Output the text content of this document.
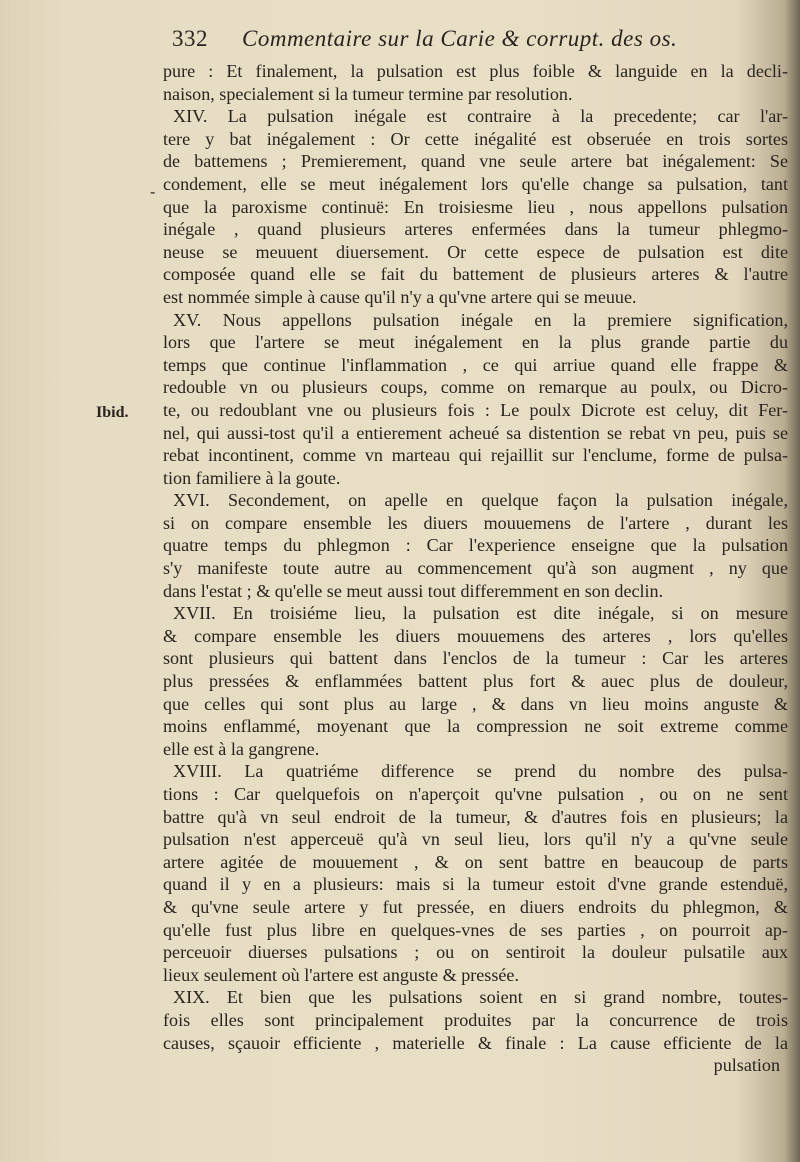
332 Commentaire sur la Carie & corrupt. des os.
-
Ibid.
pure : Et finalement, la pulsation est plus foible & languide en la decli-
naison, specialement si la tumeur termine par resolution.
XIV. La pulsation inégale est contraire à la precedente; car l'ar-
tere y bat inégalement : Or cette inégalité est obseruée en trois sortes
de battemens ; Premierement, quand vne seule artere bat inégalement: Se
condement, elle se meut inégalement lors qu'elle change sa pulsation, tant
que la paroxisme continuë: En troisiesme lieu , nous appellons pulsation
inégale , quand plusieurs arteres enfermées dans la tumeur phlegmo-
neuse se meuuent diuersement. Or cette espece de pulsation est dite
composée quand elle se fait du battement de plusieurs arteres & l'autre
est nommée simple à cause qu'il n'y a qu'vne artere qui se meuue.
XV. Nous appellons pulsation inégale en la premiere signification,
lors que l'artere se meut inégalement en la plus grande partie du
temps que continue l'inflammation , ce qui arriue quand elle frappe &
redouble vn ou plusieurs coups, comme on remarque au poulx, ou Dicro-
te, ou redoublant vne ou plusieurs fois : Le poulx Dicrote est celuy, dit Fer-
nel, qui aussi-tost qu'il a entierement acheué sa distention se rebat vn peu, puis se
rebat incontinent, comme vn marteau qui rejaillit sur l'enclume, forme de pulsa-
tion familiere à la goute.
XVI. Secondement, on apelle en quelque façon la pulsation inégale,
si on compare ensemble les diuers mouuemens de l'artere , durant les
quatre temps du phlegmon : Car l'experience enseigne que la pulsation
s'y manifeste toute autre au commencement qu'à son augment , ny que
dans l'estat ; & qu'elle se meut aussi tout differemment en son declin.
XVII. En troisiéme lieu, la pulsation est dite inégale, si on mesure
& compare ensemble les diuers mouuemens des arteres , lors qu'elles
sont plusieurs qui battent dans l'enclos de la tumeur : Car les arteres
plus pressées & enflammées battent plus fort & auec plus de douleur,
que celles qui sont plus au large , & dans vn lieu moins anguste &
moins enflammé, moyenant que la compression ne soit extreme comme
elle est à la gangrene.
XVIII. La quatriéme difference se prend du nombre des pulsa-
tions : Car quelquefois on n'aperçoit qu'vne pulsation , ou on ne sent
battre qu'à vn seul endroit de la tumeur, & d'autres fois en plusieurs; la
pulsation n'est apperceuë qu'à vn seul lieu, lors qu'il n'y a qu'vne seule
artere agitée de mouuement , & on sent battre en beaucoup de parts
quand il y en a plusieurs: mais si la tumeur estoit d'vne grande estenduë,
& qu'vne seule artere y fut pressée, en diuers endroits du phlegmon, &
qu'elle fust plus libre en quelques-vnes de ses parties , on pourroit ap-
perceuoir diuerses pulsations ; ou on sentiroit la douleur pulsatile aux
lieux seulement où l'artere est anguste & pressée.
XIX. Et bien que les pulsations soient en si grand nombre, toutes-
fois elles sont principalement produites par la concurrence de trois
causes, sçauoir efficiente , materielle & finale : La cause efficiente de la
pulsation
